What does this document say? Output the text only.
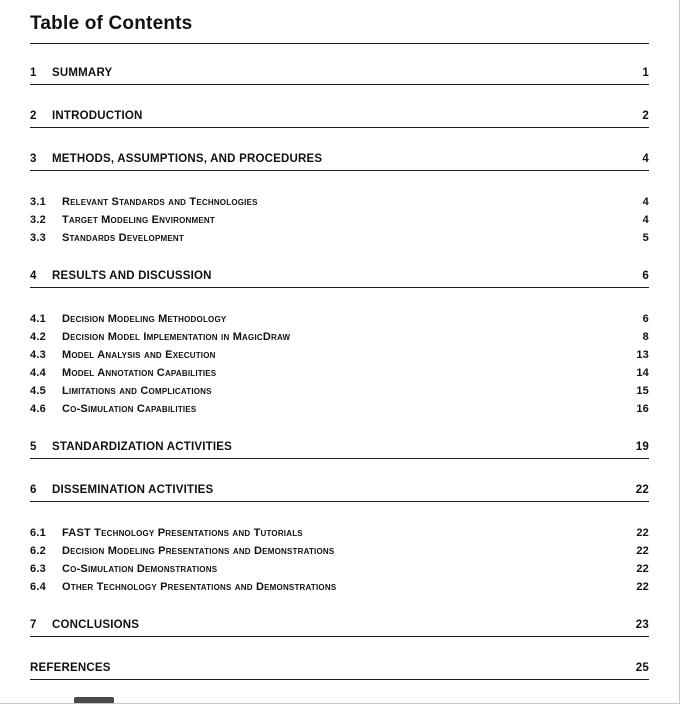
Table of Contents
1	SUMMARY	1
2	INTRODUCTION	2
3	METHODS, ASSUMPTIONS, AND PROCEDURES	4
3.1	Relevant Standards and Technologies	4
3.2	Target Modeling Environment	4
3.3	Standards Development	5
4	RESULTS AND DISCUSSION	6
4.1	Decision Modeling Methodology	6
4.2	Decision Model Implementation in MagicDraw	8
4.3	Model Analysis and Execution	13
4.4	Model Annotation Capabilities	14
4.5	Limitations and Complications	15
4.6	Co-Simulation Capabilities	16
5	STANDARDIZATION ACTIVITIES	19
6	DISSEMINATION ACTIVITIES	22
6.1	FAST Technology Presentations and Tutorials	22
6.2	Decision Modeling Presentations and Demonstrations	22
6.3	Co-Simulation Demonstrations	22
6.4	Other Technology Presentations and Demonstrations	22
7	CONCLUSIONS	23
REFERENCES	25
